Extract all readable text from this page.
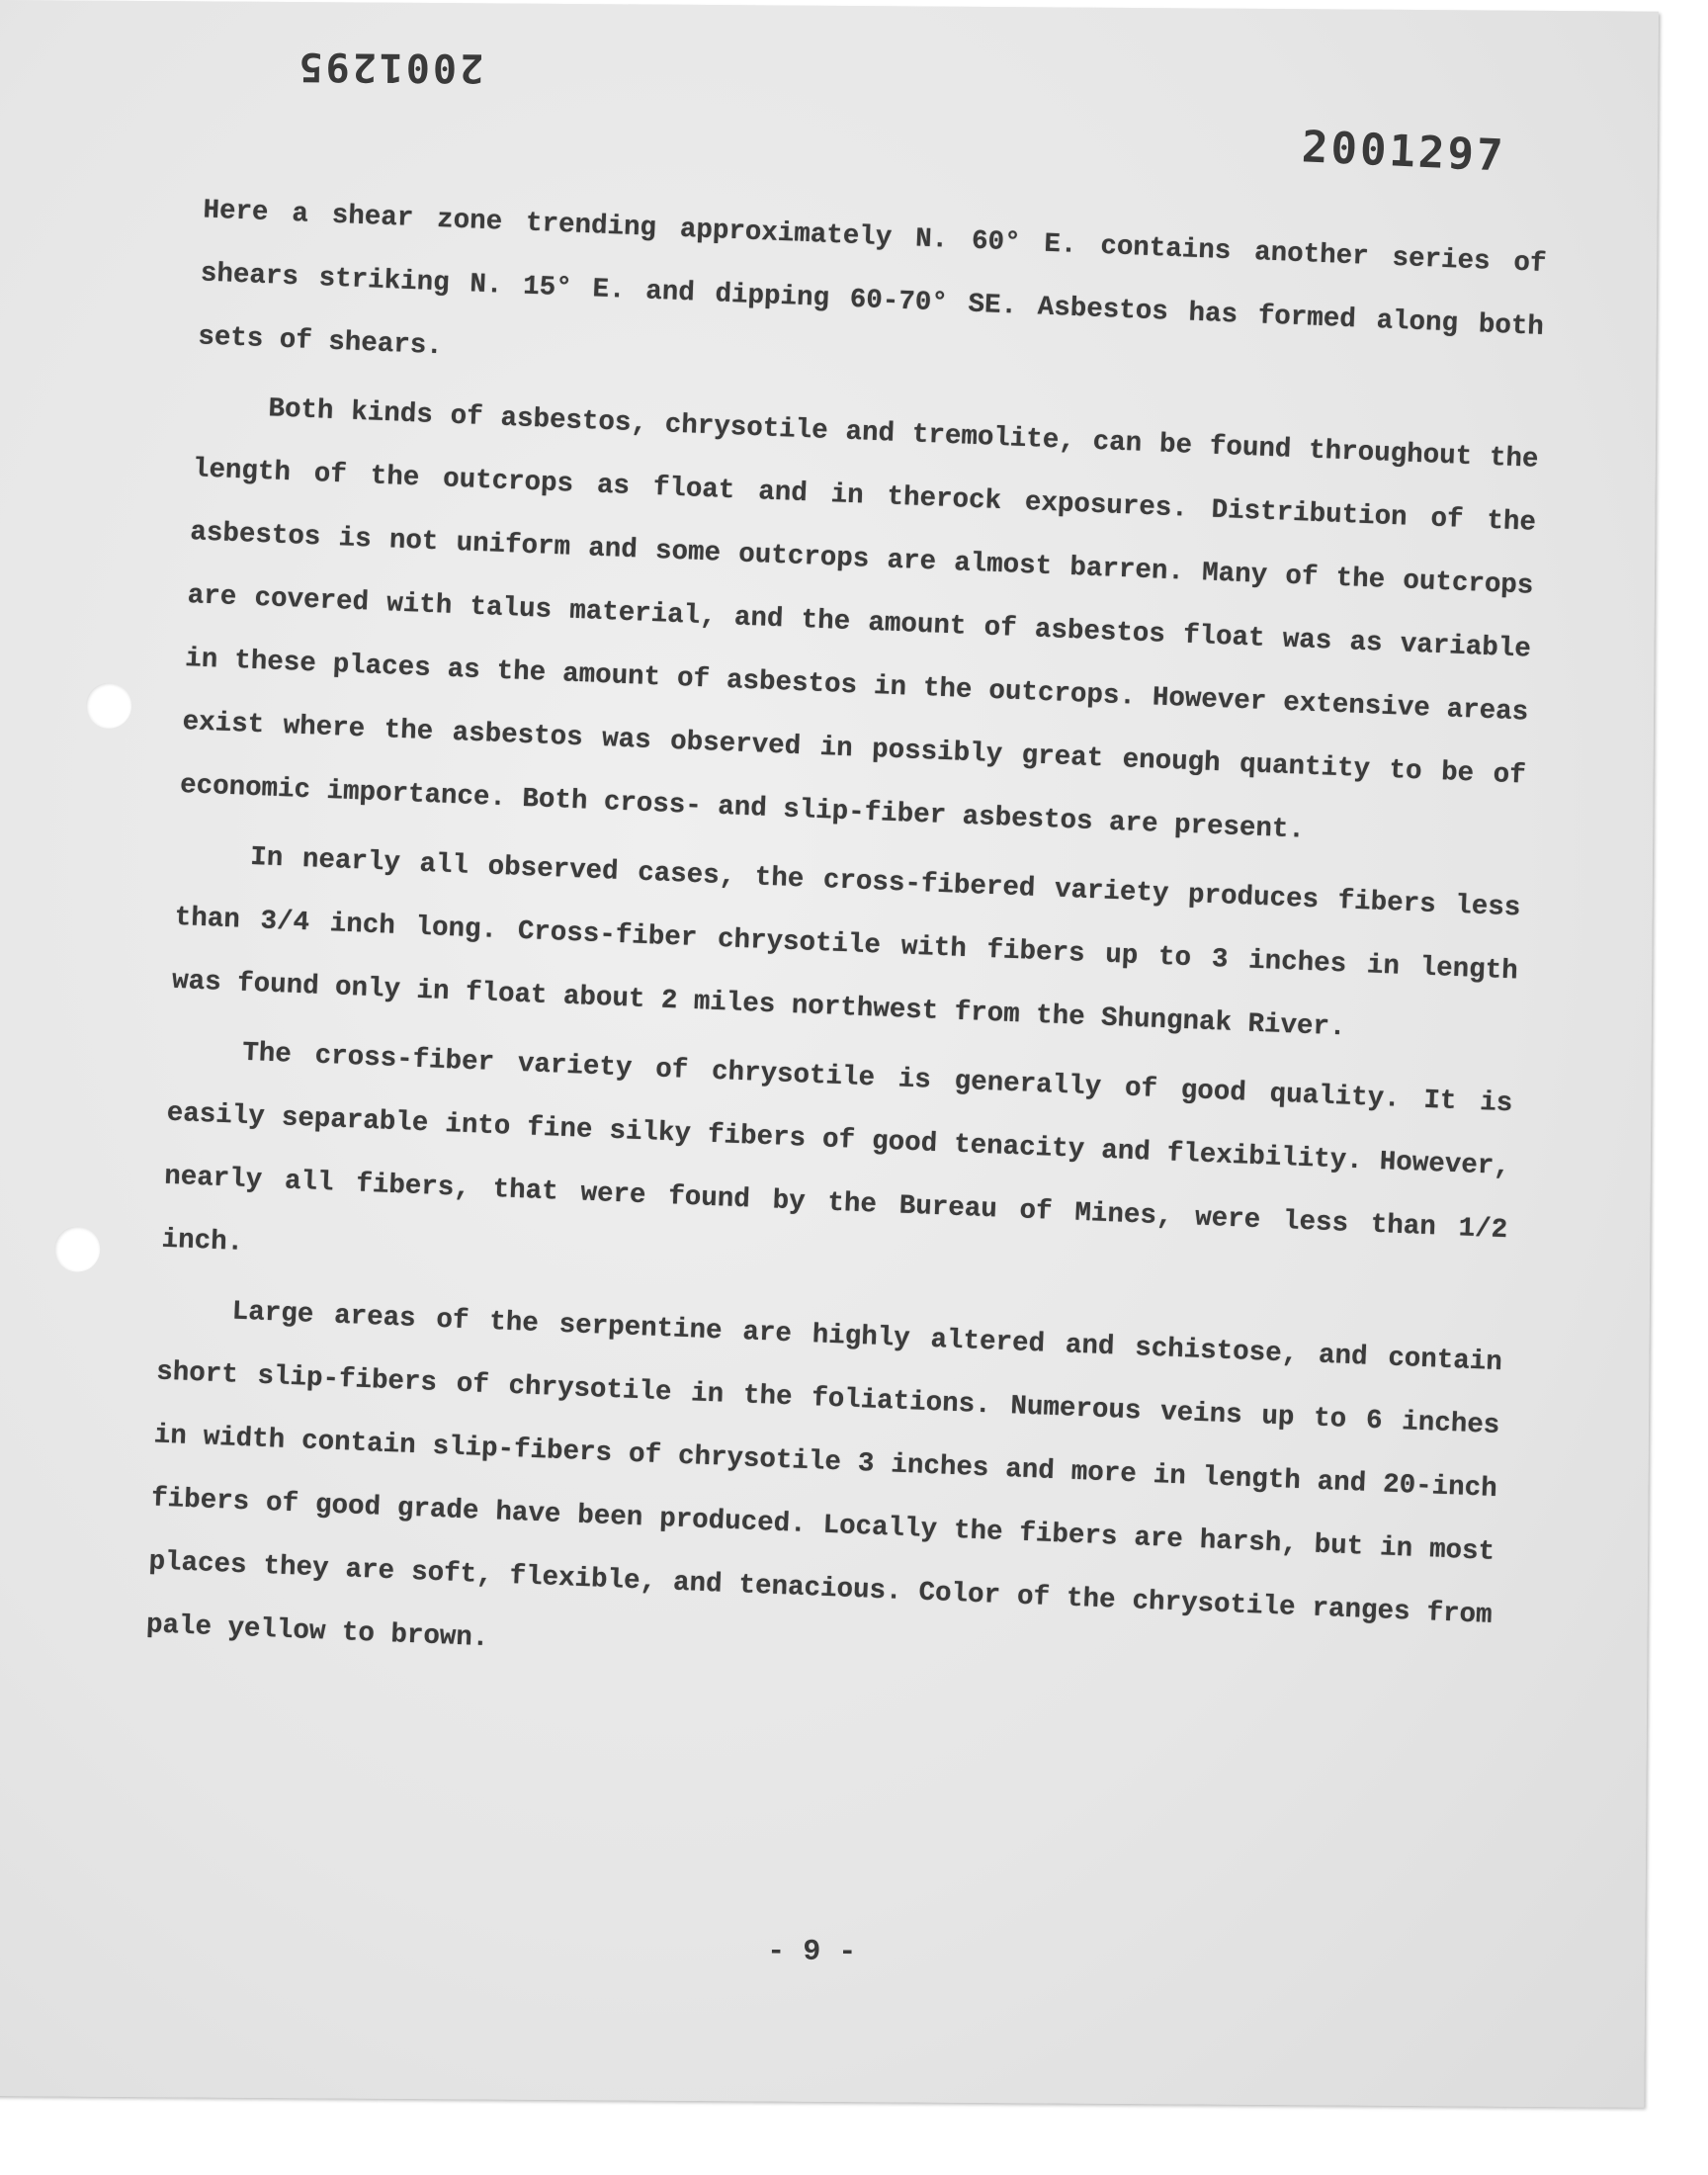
2001295
2001297

Here a shear zone trending approximately N. 60° E. contains another series of shears striking N. 15° E. and dipping 60-70° SE. Asbestos has formed along both sets of shears.

Both kinds of asbestos, chrysotile and tremolite, can be found throughout the length of the outcrops as float and in therock exposures. Distribution of the asbestos is not uniform and some outcrops are almost barren. Many of the outcrops are covered with talus material, and the amount of asbestos float was as variable in these places as the amount of asbestos in the outcrops. However extensive areas exist where the asbestos was observed in possibly great enough quantity to be of economic importance. Both cross- and slip-fiber asbestos are present.

In nearly all observed cases, the cross-fibered variety produces fibers less than 3/4 inch long. Cross-fiber chrysotile with fibers up to 3 inches in length was found only in float about 2 miles northwest from the Shungnak River.

The cross-fiber variety of chrysotile is generally of good quality. It is easily separable into fine silky fibers of good tenacity and flexibility. However, nearly all fibers, that were found by the Bureau of Mines, were less than 1/2 inch.

Large areas of the serpentine are highly altered and schistose, and contain short slip-fibers of chrysotile in the foliations. Numerous veins up to 6 inches in width contain slip-fibers of chrysotile 3 inches and more in length and 20-inch fibers of good grade have been produced. Locally the fibers are harsh, but in most places they are soft, flexible, and tenacious. Color of the chrysotile ranges from pale yellow to brown.

- 9 -
